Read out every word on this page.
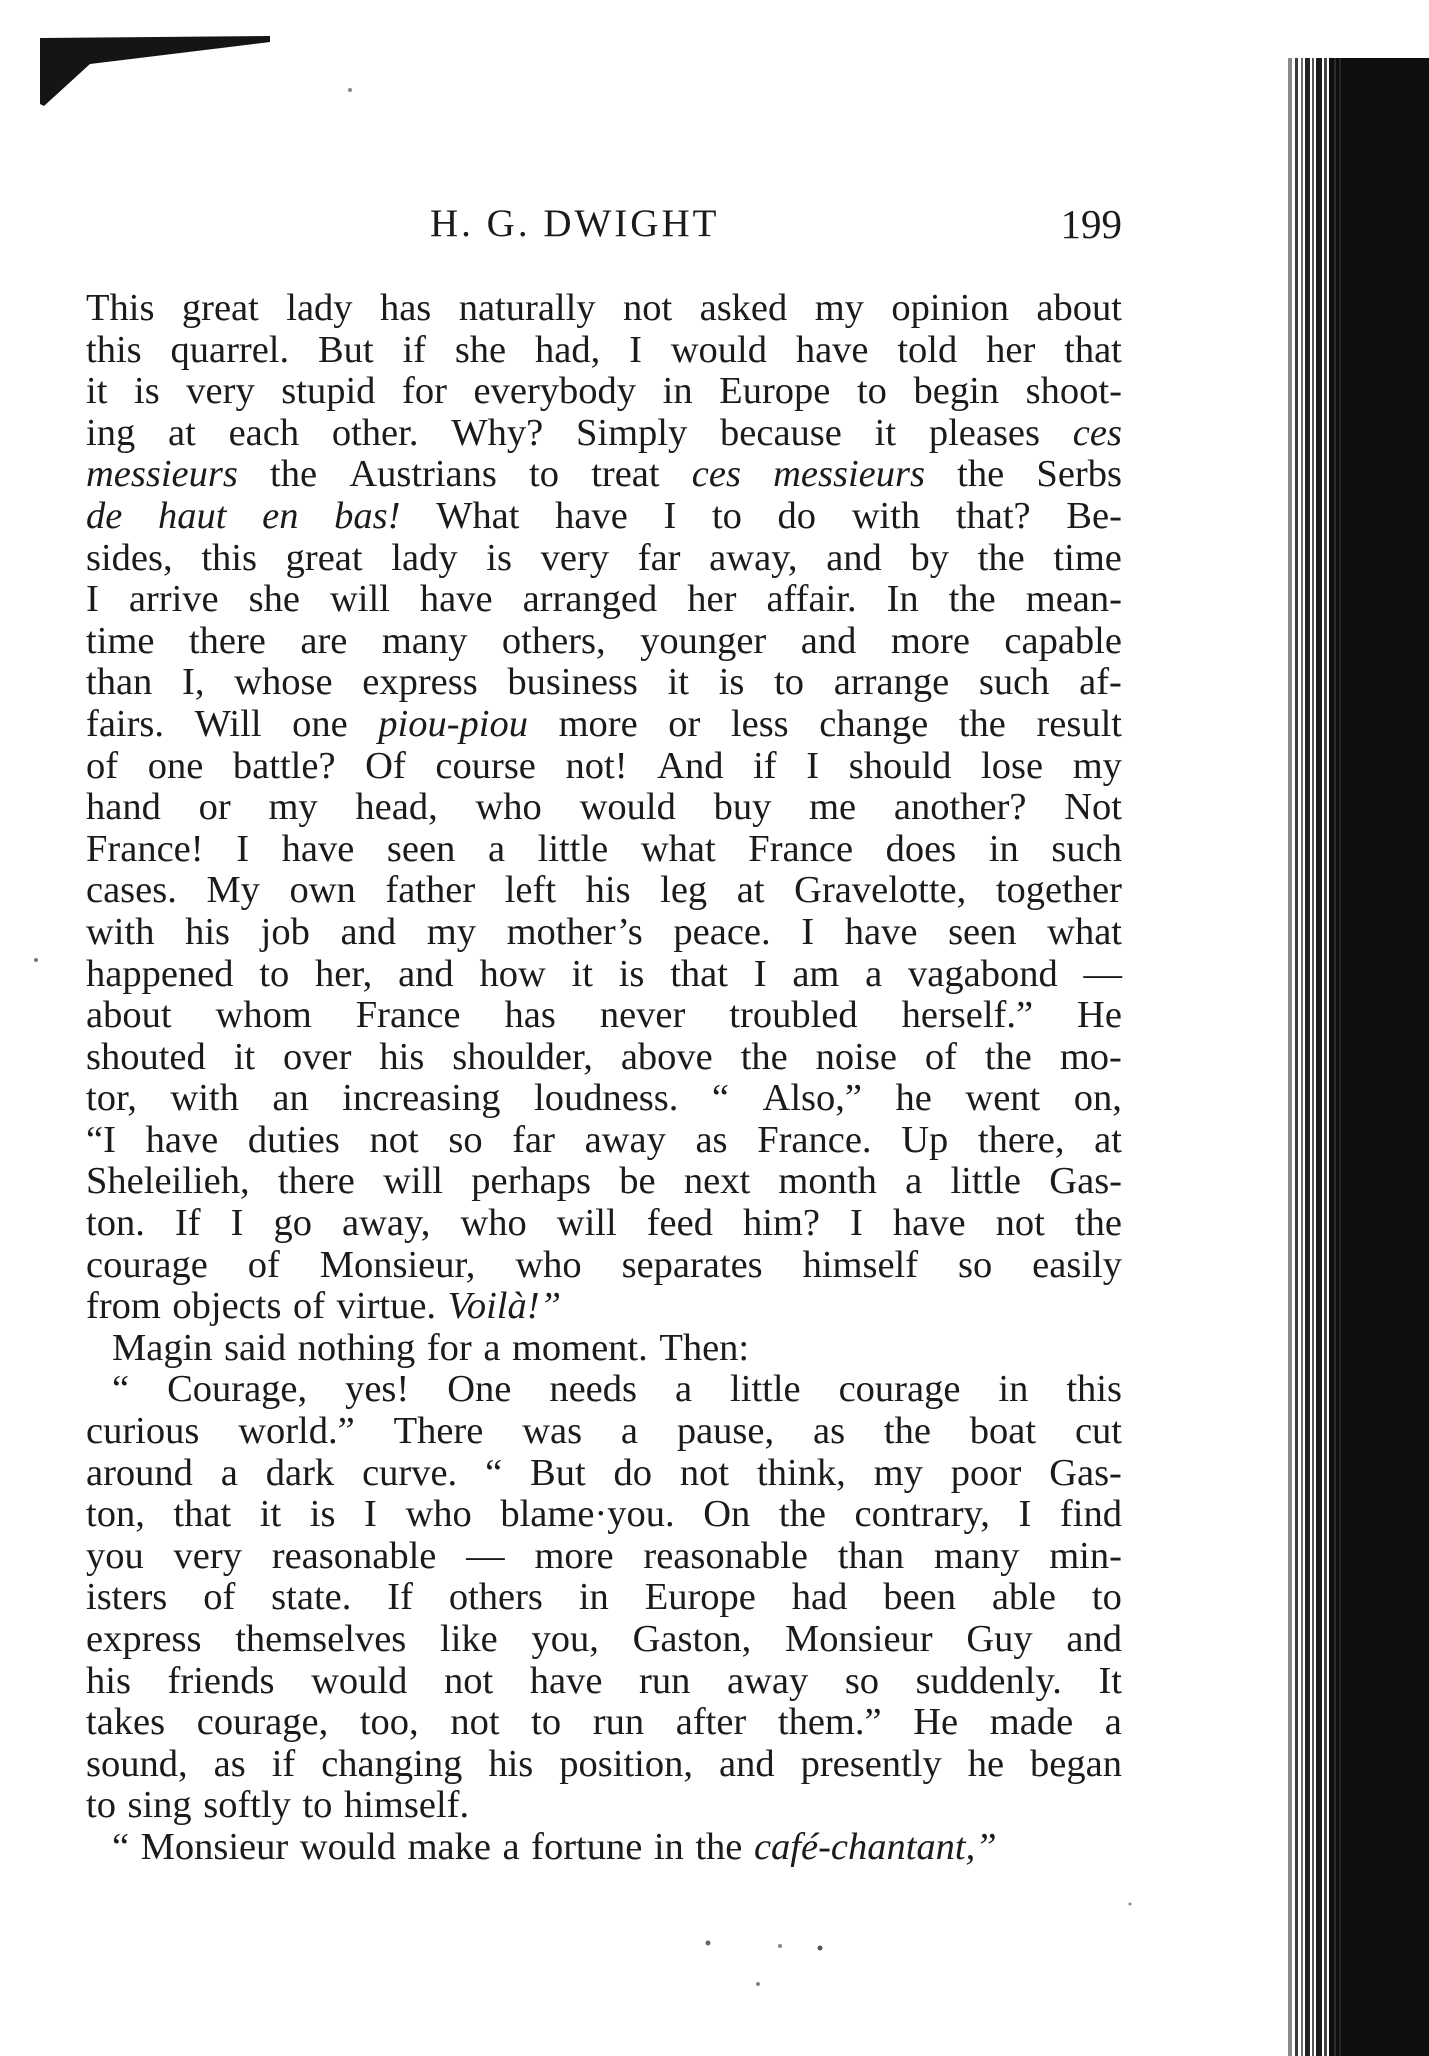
H. G. DWIGHT	199
This great lady has naturally not asked my opinion about
this quarrel. But if she had, I would have told her that
it is very stupid for everybody in Europe to begin shoot-
ing at each other. Why? Simply because it pleases ces
messieurs the Austrians to treat ces messieurs the Serbs
de haut en bas! What have I to do with that? Be-
sides, this great lady is very far away, and by the time
I arrive she will have arranged her affair. In the mean-
time there are many others, younger and more capable
than I, whose express business it is to arrange such af-
fairs. Will one piou-piou more or less change the result
of one battle? Of course not! And if I should lose my
hand or my head, who would buy me another? Not
France! I have seen a little what France does in such
cases. My own father left his leg at Gravelotte, together
with his job and my mother’s peace. I have seen what
happened to her, and how it is that I am a vagabond —
about whom France has never troubled herself.” He
shouted it over his shoulder, above the noise of the mo-
tor, with an increasing loudness. “ Also,” he went on,
“I have duties not so far away as France. Up there, at
Sheleilieh, there will perhaps be next month a little Gas-
ton. If I go away, who will feed him? I have not the
courage of Monsieur, who separates himself so easily
from objects of virtue. Voilà!”
Magin said nothing for a moment. Then:
“ Courage, yes! One needs a little courage in this
curious world.” There was a pause, as the boat cut
around a dark curve. “ But do not think, my poor Gas-
ton, that it is I who blame·you. On the contrary, I find
you very reasonable — more reasonable than many min-
isters of state. If others in Europe had been able to
express themselves like you, Gaston, Monsieur Guy and
his friends would not have run away so suddenly. It
takes courage, too, not to run after them.” He made a
sound, as if changing his position, and presently he began
to sing softly to himself.
“ Monsieur would make a fortune in the café-chantant,”
